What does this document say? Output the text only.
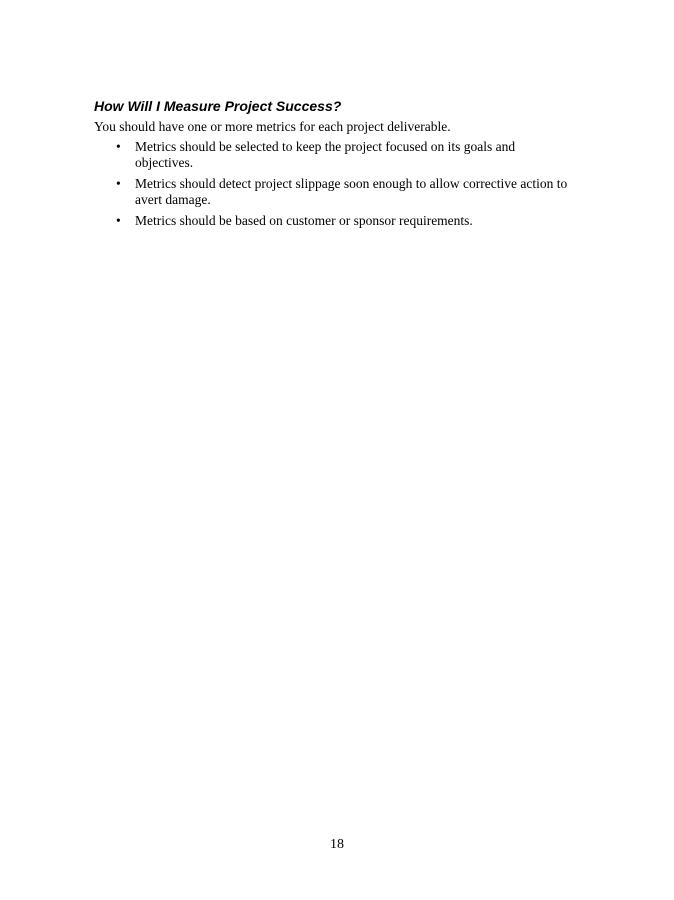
How Will I Measure Project Success?

You should have one or more metrics for each project deliverable.

• Metrics should be selected to keep the project focused on its goals and objectives.
• Metrics should detect project slippage soon enough to allow corrective action to avert damage.
• Metrics should be based on customer or sponsor requirements.
18
